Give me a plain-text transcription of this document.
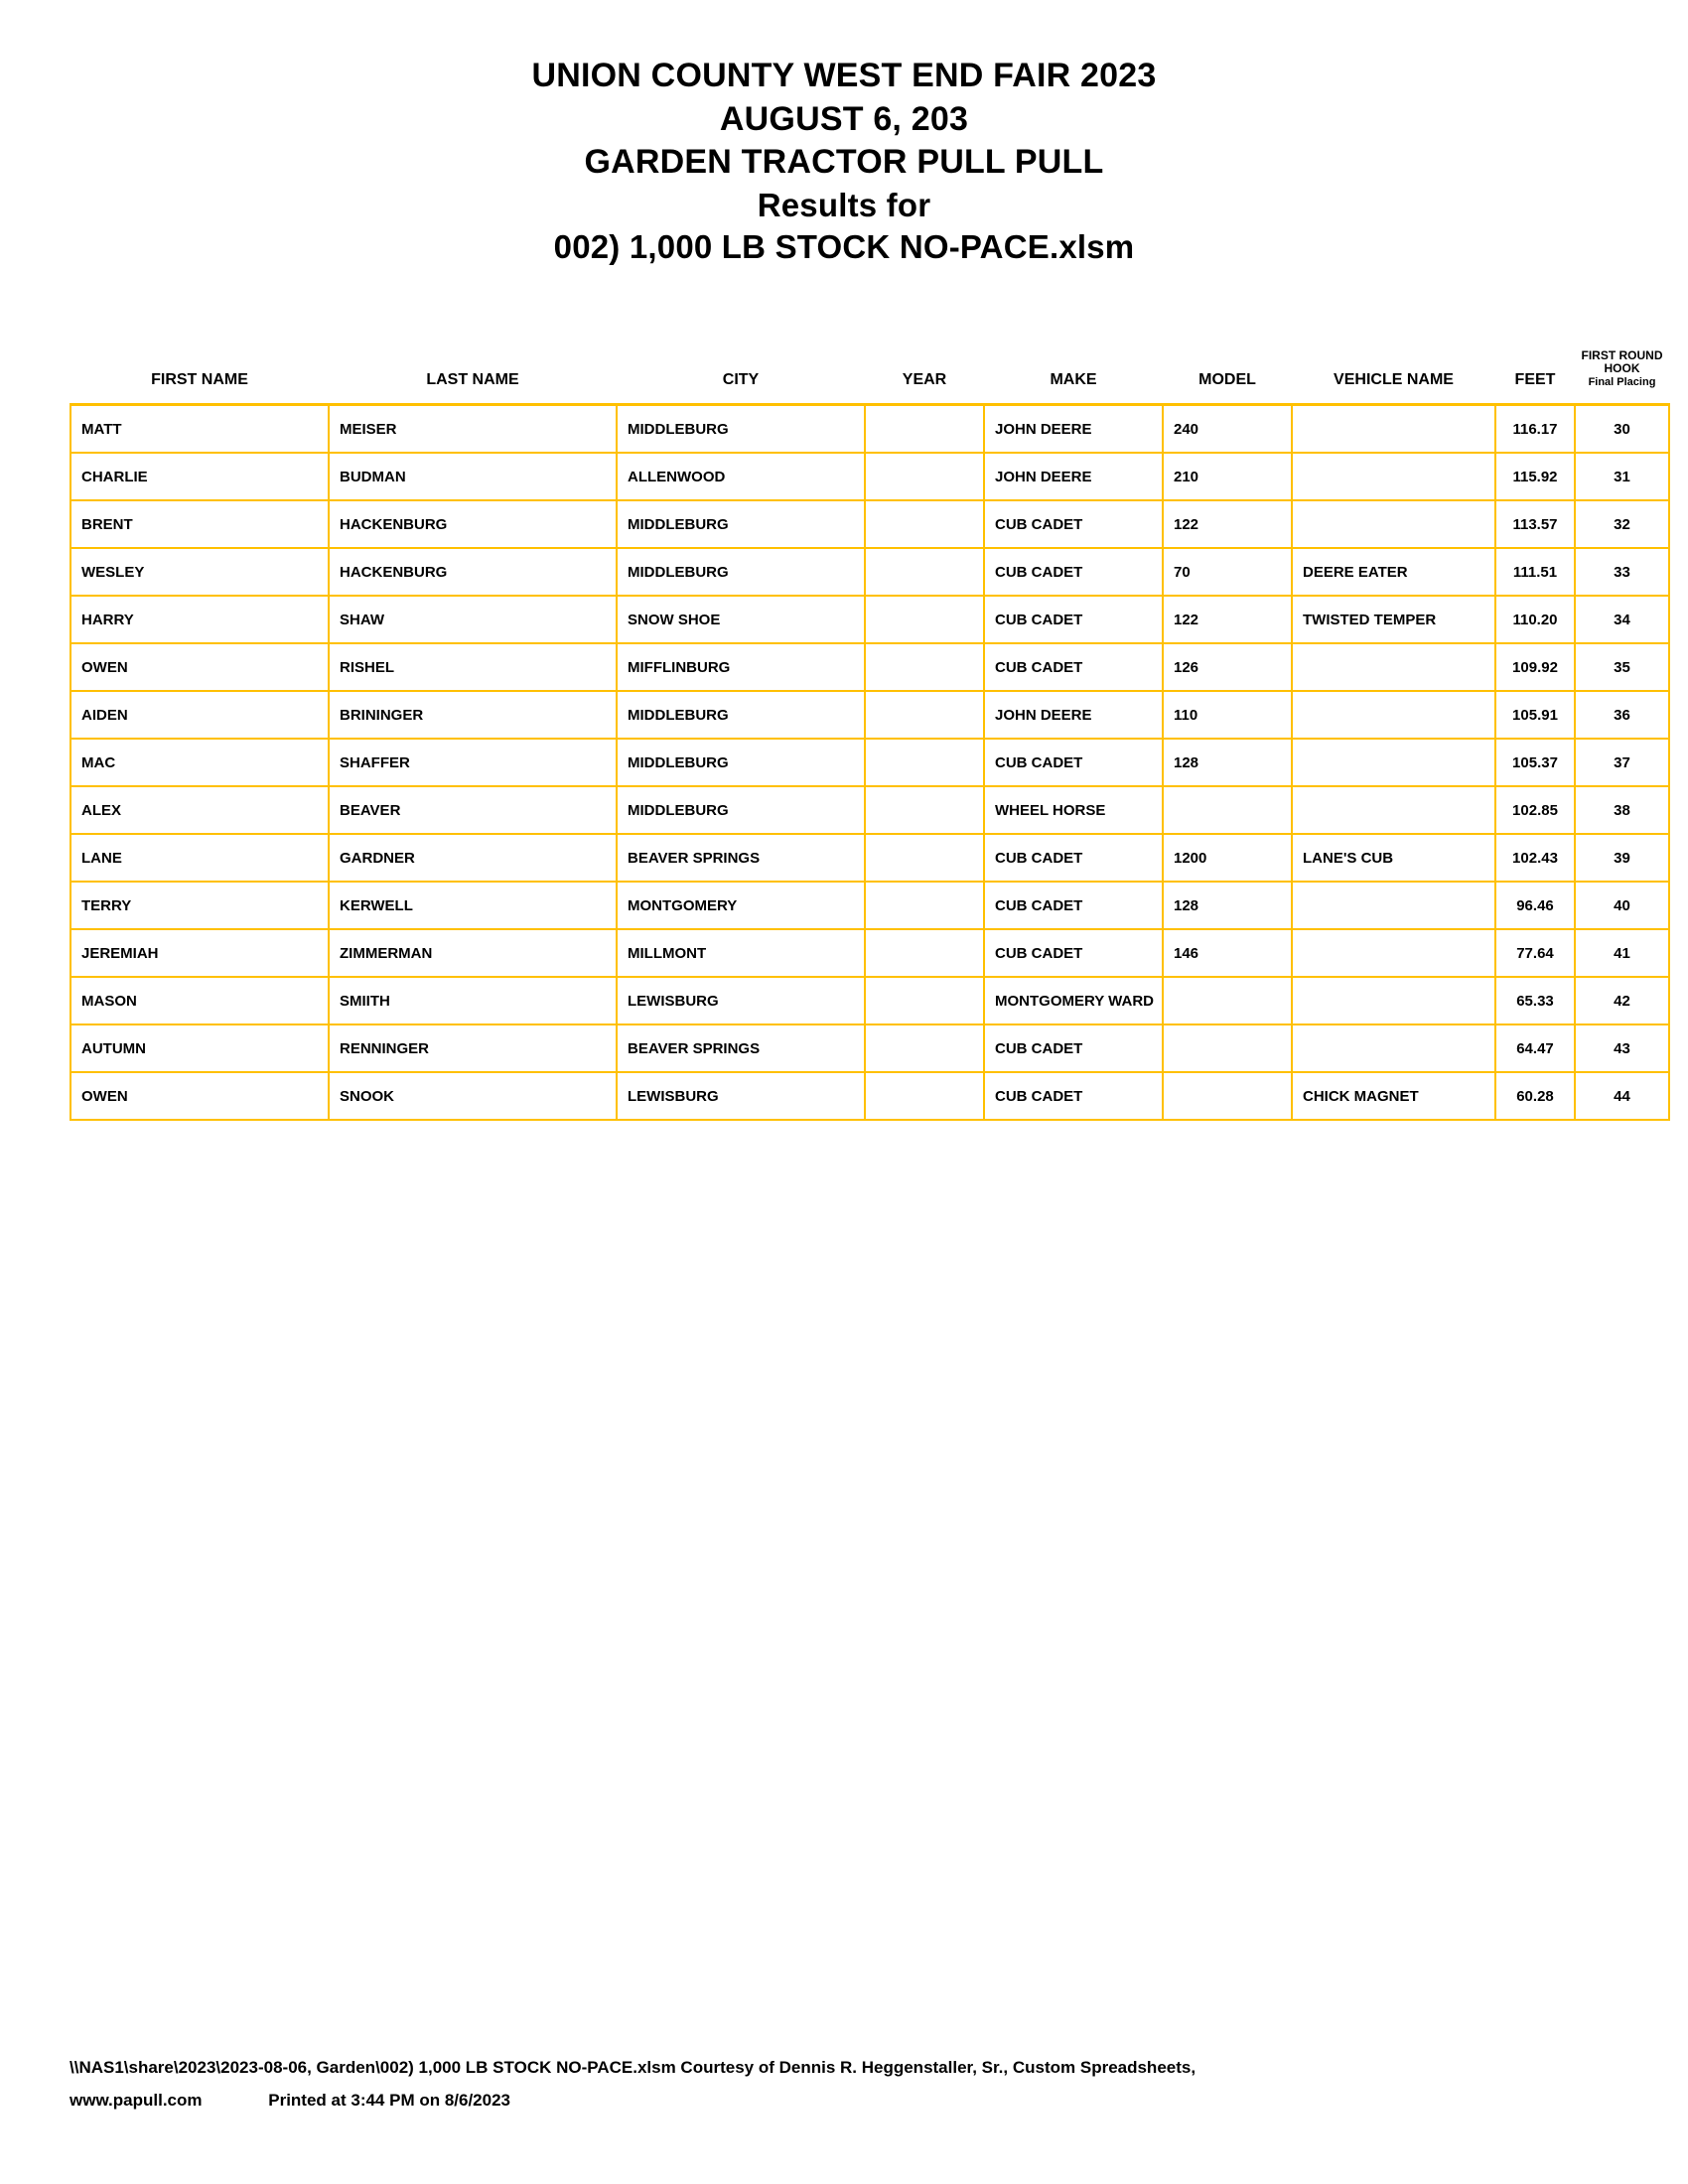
UNION COUNTY WEST END FAIR 2023
AUGUST 6, 203
GARDEN TRACTOR PULL PULL
Results for
002) 1,000 LB STOCK NO-PACE.xlsm
FIRST NAME	LAST NAME	CITY	YEAR	MAKE	MODEL	VEHICLE NAME	FEET	FIRST ROUND
HOOK
Final Placing

MATT	MEISER	MIDDLEBURG		JOHN DEERE	240		116.17	30
CHARLIE	BUDMAN	ALLENWOOD		JOHN DEERE	210		115.92	31
BRENT	HACKENBURG	MIDDLEBURG		CUB CADET	122		113.57	32
WESLEY	HACKENBURG	MIDDLEBURG		CUB CADET	70	DEERE EATER	111.51	33
HARRY	SHAW	SNOW SHOE		CUB CADET	122	TWISTED TEMPER	110.20	34
OWEN	RISHEL	MIFFLINBURG		CUB CADET	126		109.92	35
AIDEN	BRININGER	MIDDLEBURG		JOHN DEERE	110		105.91	36
MAC	SHAFFER	MIDDLEBURG		CUB CADET	128		105.37	37
ALEX	BEAVER	MIDDLEBURG		WHEEL HORSE			102.85	38
LANE	GARDNER	BEAVER SPRINGS		CUB CADET	1200	LANE'S CUB	102.43	39
TERRY	KERWELL	MONTGOMERY		CUB CADET	128		96.46	40
JEREMIAH	ZIMMERMAN	MILLMONT		CUB CADET	146		77.64	41
MASON	SMIITH	LEWISBURG		MONTGOMERY WARD			65.33	42
AUTUMN	RENNINGER	BEAVER SPRINGS		CUB CADET			64.47	43
OWEN	SNOOK	LEWISBURG		CUB CADET		CHICK MAGNET	60.28	44
\\NAS1\share\2023\2023-08-06, Garden\002) 1,000 LB STOCK NO-PACE.xlsm Courtesy of Dennis R. Heggenstaller, Sr., Custom Spreadsheets,
www.papull.com	Printed at 3:44 PM on 8/6/2023
